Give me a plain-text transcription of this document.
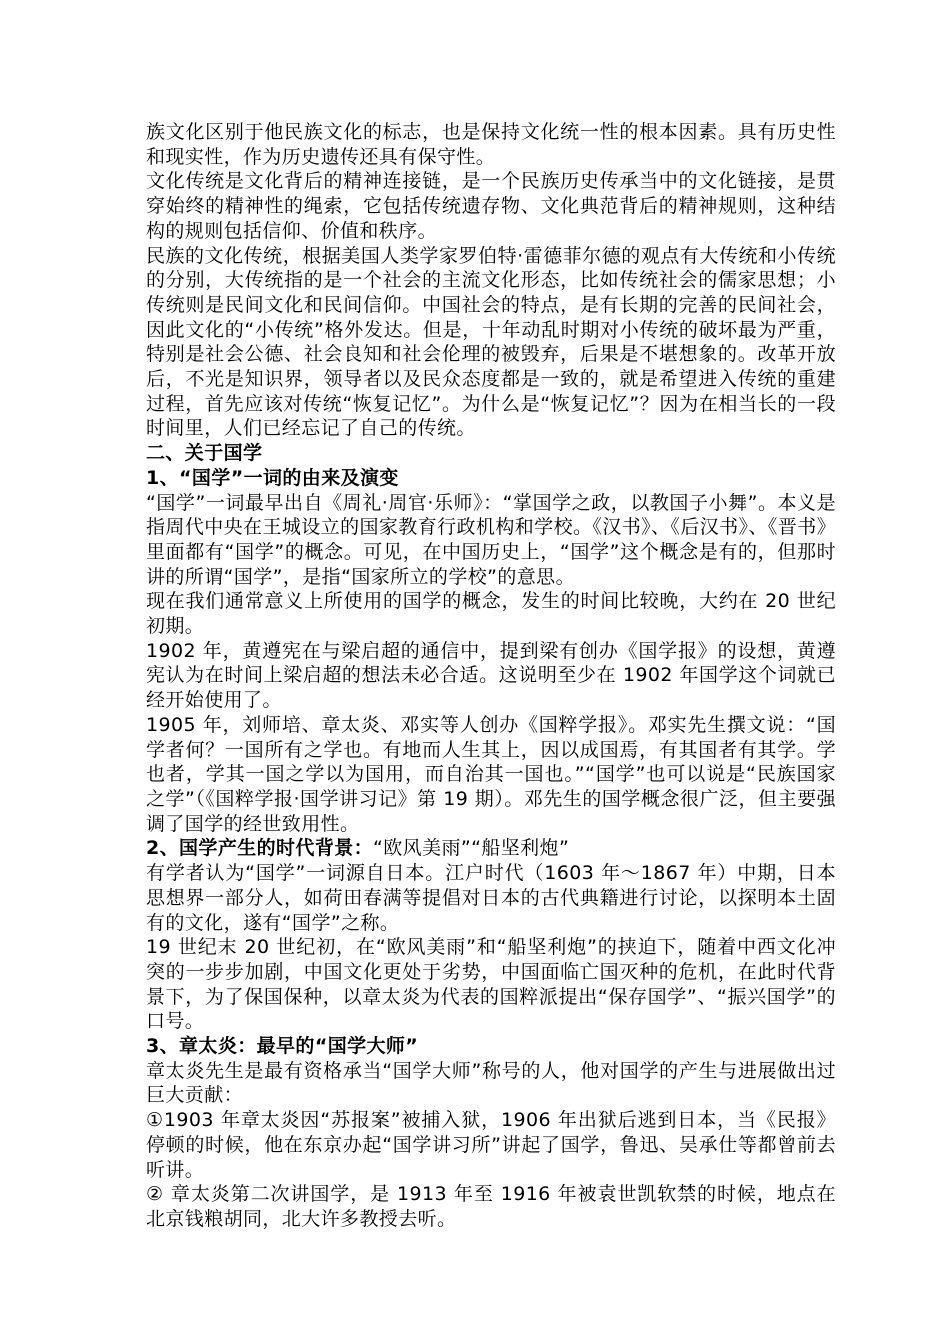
族文化区别于他民族文化的标志，也是保持文化统一性的根本因素。具有历史性和现实性，作为历史遗传还具有保守性。

文化传统是文化背后的精神连接链，是一个民族历史传承当中的文化链接，是贯穿始终的精神性的绳索，它包括传统遗存物、文化典范背后的精神规则，这种结构的规则包括信仰、价值和秩序。

民族的文化传统，根据美国人类学家罗伯特·雷德菲尔德的观点有大传统和小传统的分别，大传统指的是一个社会的主流文化形态，比如传统社会的儒家思想；小传统则是民间文化和民间信仰。中国社会的特点，是有长期的完善的民间社会，因此文化的“小传统”格外发达。但是，十年动乱时期对小传统的破坏最为严重，特别是社会公德、社会良知和社会伦理的被毁弃，后果是不堪想象的。改革开放后，不光是知识界，领导者以及民众态度都是一致的，就是希望进入传统的重建过程，首先应该对传统“恢复记忆”。为什么是“恢复记忆”？因为在相当长的一段时间里，人们已经忘记了自己的传统。

二、关于国学

1、“国学”一词的由来及演变

“国学”一词最早出自《周礼·周官·乐师》：“掌国学之政，以教国子小舞”。本义是指周代中央在王城设立的国家教育行政机构和学校。《汉书》、《后汉书》、《晋书》里面都有“国学”的概念。可见，在中国历史上，“国学”这个概念是有的，但那时讲的所谓“国学”，是指“国家所立的学校”的意思。

现在我们通常意义上所使用的国学的概念，发生的时间比较晚，大约在 20 世纪初期。

1902 年，黄遵宪在与梁启超的通信中，提到梁有创办《国学报》的设想，黄遵宪认为在时间上梁启超的想法未必合适。这说明至少在 1902 年国学这个词就已经开始使用了。

1905 年，刘师培、章太炎、邓实等人创办《国粹学报》。邓实先生撰文说：“国学者何？一国所有之学也。有地而人生其上，因以成国焉，有其国者有其学。学也者，学其一国之学以为国用，而自治其一国也。”“国学”也可以说是“民族国家之学”（《国粹学报·国学讲习记》第 19 期）。邓先生的国学概念很广泛，但主要强调了国学的经世致用性。

2、国学产生的时代背景：“欧风美雨”“船坚利炮”

有学者认为“国学”一词源自日本。江户时代（1603 年～1867 年）中期，日本思想界一部分人，如荷田春满等提倡对日本的古代典籍进行讨论，以探明本土固有的文化，遂有“国学”之称。

19 世纪末 20 世纪初，在“欧风美雨”和“船坚利炮”的挟迫下，随着中西文化冲突的一步步加剧，中国文化更处于劣势，中国面临亡国灭种的危机，在此时代背景下，为了保国保种，以章太炎为代表的国粹派提出“保存国学”、“振兴国学”的口号。

3、章太炎：最早的“国学大师”

章太炎先生是最有资格承当“国学大师”称号的人，他对国学的产生与进展做出过巨大贡献：

①1903 年章太炎因“苏报案”被捕入狱，1906 年出狱后逃到日本，当《民报》停顿的时候，他在东京办起“国学讲习所”讲起了国学，鲁迅、吴承仕等都曾前去听讲。

② 章太炎第二次讲国学，是 1913 年至 1916 年被袁世凯软禁的时候，地点在北京钱粮胡同，北大许多教授去听。
